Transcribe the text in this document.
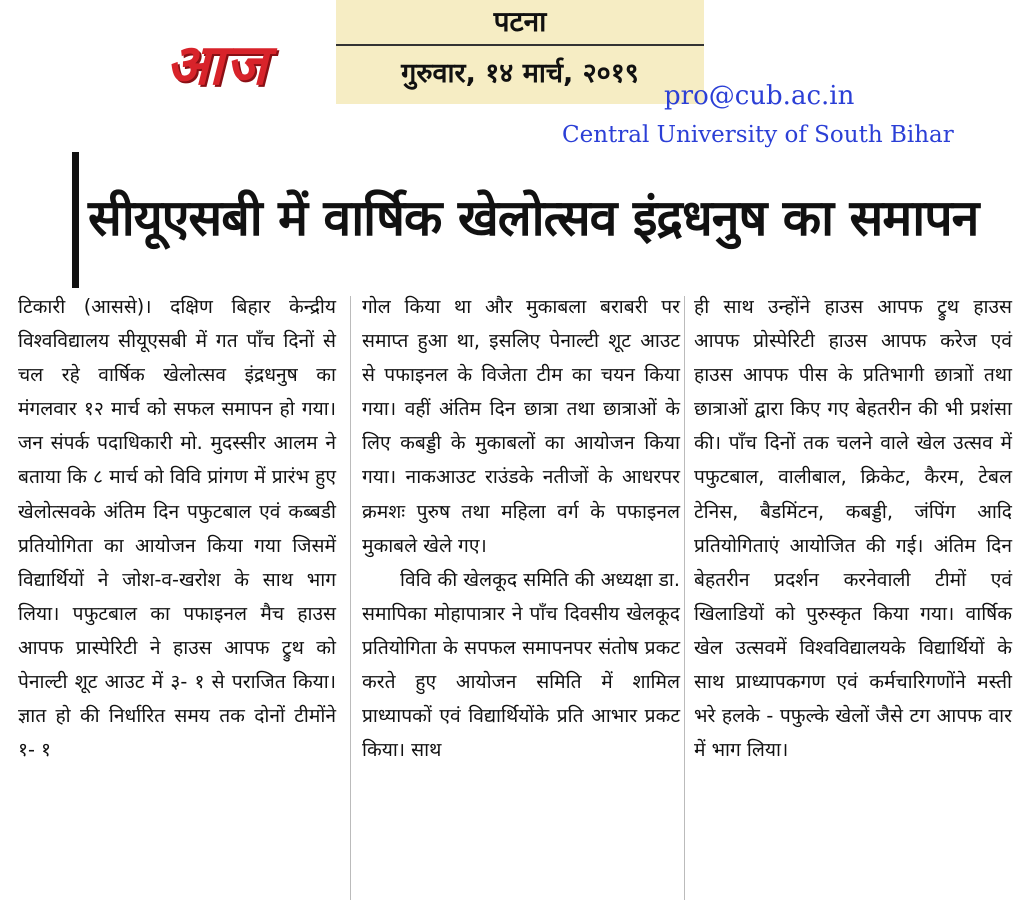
आज
पटना
गुरुवार, १४ मार्च, २०१९
pro@cub.ac.in
Central University of South Bihar
सीयूएसबी में वार्षिक खेलोत्सव इंद्रधनुष का समापन

टिकारी (आससे)। दक्षिण बिहार केन्द्रीय विश्वविद्यालय सीयूएसबी में गत पाँच दिनों से चल रहे वार्षिक खेलोत्सव इंद्रधनुष का मंगलवार १२ मार्च को सफल समापन हो गया। जन संपर्क पदाधिकारी मो. मुदस्सीर आलम ने बताया कि ८ मार्च को विवि प्रांगण में प्रारंभ हुए खेलोत्सवके अंतिम दिन पफुटबाल एवं कब्बडी प्रतियोगिता का आयोजन किया गया जिसमें विद्यार्थियों ने जोश-व-खरोश के साथ भाग लिया। पफुटबाल का पफाइनल मैच हाउस आपफ प्रास्पेरिटी ने हाउस आपफ ट्रुथ को पेनाल्टी शूट आउट में ३- १ से पराजित किया। ज्ञात हो की निर्धारित समय तक दोनों टीमोंने १- १

गोल किया था और मुकाबला बराबरी पर समाप्त हुआ था, इसलिए पेनाल्टी शूट आउट से पफाइनल के विजेता टीम का चयन किया गया। वहीं अंतिम दिन छात्रा तथा छात्राओं के लिए कबड्डी के मुकाबलों का आयोजन किया गया। नाकआउट राउंडके नतीजों के आधरपर क्रमशः पुरुष तथा महिला वर्ग के पफाइनल मुकाबले खेले गए।

विवि की खेलकूद समिति की अध्यक्षा डा. समापिका मोहापात्रार ने पाँच दिवसीय खेलकूद प्रतियोगिता के सपफल समापनपर संतोष प्रकट करते हुए आयोजन समिति में शामिल प्राध्यापकों एवं विद्यार्थियोंके प्रति आभार प्रकट किया। साथ

ही साथ उन्होंने हाउस आपफ ट्रुथ हाउस आपफ प्रोस्पेरिटी हाउस आपफ करेज एवं हाउस आपफ पीस के प्रतिभागी छात्राों तथा छात्राओं द्वारा किए गए बेहतरीन की भी प्रशंसा की। पाँच दिनों तक चलने वाले खेल उत्सव में पफुटबाल, वालीबाल, क्रिकेट, कैरम, टेबल टेनिस, बैडमिंटन, कबड्डी, जंपिंग आदि प्रतियोगिताएं आयोजित की गई। अंतिम दिन बेहतरीन प्रदर्शन करनेवाली टीमों एवं खिलाडियों को पुरुस्कृत किया गया। वार्षिक खेल उत्सवमें विश्वविद्यालयके विद्यार्थियों के साथ प्राध्यापकगण एवं कर्मचारिगणोंने मस्ती भरे हलके - पफुल्के खेलों जैसे टग आपफ वार में भाग लिया।
